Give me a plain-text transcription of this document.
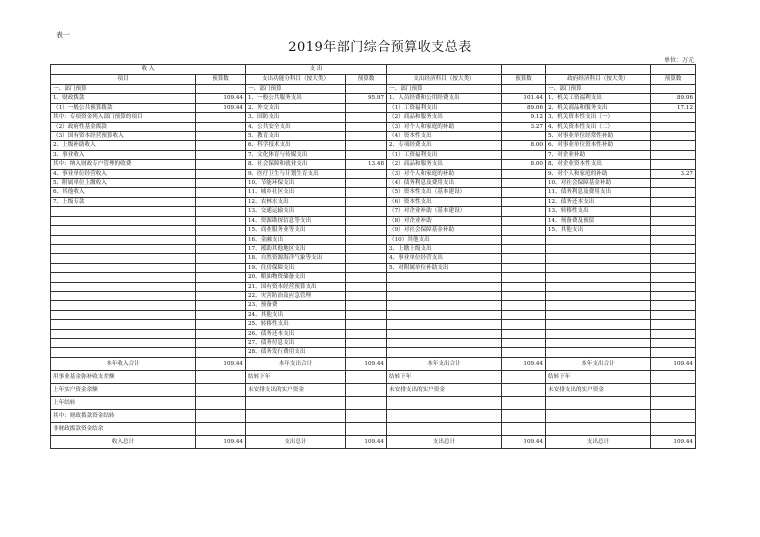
表一
2019年部门综合预算收支总表
单位：万元
收 入		支 出					
项目	预算数	支出功能分科目（按大类）	预算数	支出经济科目（按大类）	预算数	政府经济科目（按大类）	预算数
一、部门预算		一、部门预算		一、部门预算		一、部门预算	
1、财政拨款	109.44	1、一般公共服务支出	95.97	1、人员经费和公用经费支出	101.44	1、机关工资福利支出	89.06
（1）一般公共预算拨款	109.44	2、外交支出		（1）工资福利支出	89.06	2、机关商品和服务支出	17.12
其中：专项资金列入部门预算的项目		3、国防支出		（2）商品和服务支出	9.12	3、机关资本性支出（一）	
（2）政府性基金拨款		4、公共安全支出		（3）对个人和家庭的补助	3.27	4、机关资本性支出（二）	
（3）国有资本经营预算收入		5、教育支出		（4）资本性支出		5、对事业单位经常性补助	
2、上级补助收入		6、科学技术支出		2、专项经费支出	8.00	6、对事业单位资本性补助	
3、事业收入		7、文化体育与传媒支出		（1）工资福利支出		7、对企业补助	
其中：纳入财政专户管理的收费		8、社会保障和就业支出	13.48	（2）商品和服务支出	8.00	8、对企业资本性支出	
4、事业单位经营收入		9、医疗卫生与计划生育支出		（3）对个人和家庭的补助		9、对个人和家庭的补助	3.27
5、附属单位上缴收入		10、节能环保支出		（4）债务利息及费用支出		10、对社会保障基金补助	
6、其他收入		11、城乡社区支出		（5）资本性支出（基本建设）		11、债务利息及费用支出	
7、上级专款		12、农林水支出		（6）资本性支出		12、债务还本支出	
		13、交通运输支出		（7）对企业补助（基本建设）		13、转移性支出	
		14、资源勘探信息等支出		（8）对企业补助		14、预备费及预留	
		15、商业服务业等支出		（9）对社会保障基金补助		15、其他支出	
		16、金融支出		（10）其他支出			
		17、援助其他地区支出		3、上缴上级支出			
		18、自然资源海洋气象等支出		4、事业单位经营支出			
		19、住房保障支出		5、对附属单位补助支出			
		20、粮油物资储备支出					
		21、国有资本经营预算支出					
		22、灾害防治及应急管理					
		23、预备费					
		24、其他支出					
		25、转移性支出					
		26、债务还本支出					
		27、债务付息支出					
		28、债务发行费用支出					
本年收入合计	109.44	本年支出合计	109.44	本年支出合计	109.44	本年支出合计	109.44
用事业基金弥补收支差额		结转下年		结转下年		结转下年	
上年实户资金余额		未安排支出的实户资金		未安排支出的实户资金		未安排支出的实户资金	
上年结转							
其中：财政拨款资金结转							
非财政拨款资金结余							
收入总计	109.44	支出总计	109.44	支出总计	109.44	支出总计	109.44
